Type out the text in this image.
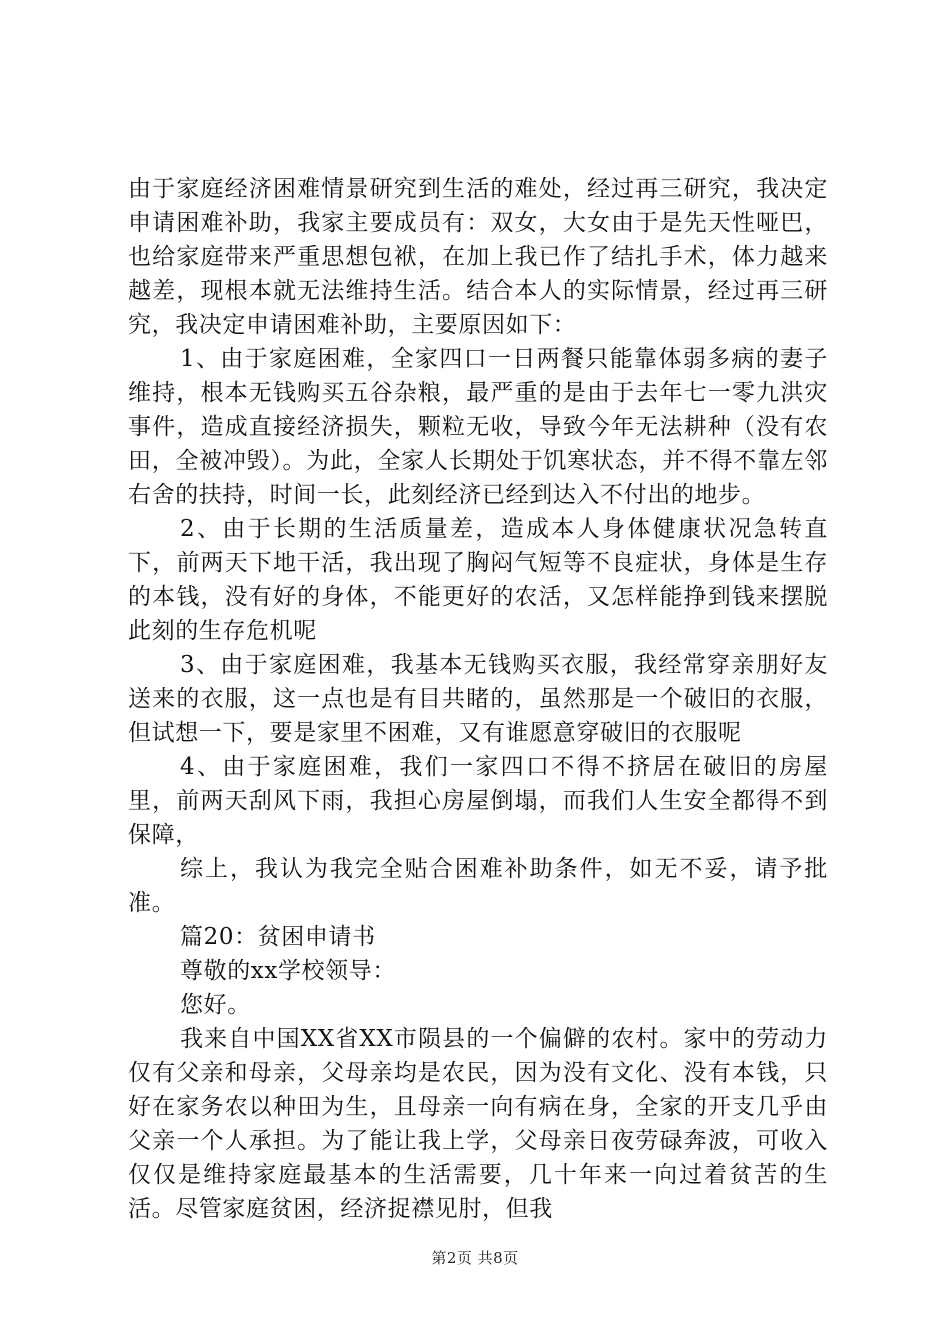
由于家庭经济困难情景研究到生活的难处，经过再三研究，我决定申请困难补助，我家主要成员有：双女，大女由于是先天性哑巴，也给家庭带来严重思想包袱，在加上我已作了结扎手术，体力越来越差，现根本就无法维持生活。结合本人的实际情景，经过再三研究，我决定申请困难补助，主要原因如下：

1、由于家庭困难，全家四口一日两餐只能靠体弱多病的妻子维持，根本无钱购买五谷杂粮，最严重的是由于去年七一零九洪灾事件，造成直接经济损失，颗粒无收，导致今年无法耕种（没有农田，全被冲毁）。为此，全家人长期处于饥寒状态，并不得不靠左邻右舍的扶持，时间一长，此刻经济已经到达入不付出的地步。

2、由于长期的生活质量差，造成本人身体健康状况急转直下，前两天下地干活，我出现了胸闷气短等不良症状，身体是生存的本钱，没有好的身体，不能更好的农活，又怎样能挣到钱来摆脱此刻的生存危机呢

3、由于家庭困难，我基本无钱购买衣服，我经常穿亲朋好友送来的衣服，这一点也是有目共睹的，虽然那是一个破旧的衣服，但试想一下，要是家里不困难，又有谁愿意穿破旧的衣服呢

4、由于家庭困难，我们一家四口不得不挤居在破旧的房屋里，前两天刮风下雨，我担心房屋倒塌，而我们人生安全都得不到保障，

综上，我认为我完全贴合困难补助条件，如无不妥，请予批准。

篇20：贫困申请书

尊敬的xx学校领导：

您好。

我来自中国XX省XX市陨县的一个偏僻的农村。家中的劳动力仅有父亲和母亲，父母亲均是农民，因为没有文化、没有本钱，只好在家务农以种田为生，且母亲一向有病在身，全家的开支几乎由父亲一个人承担。为了能让我上学，父母亲日夜劳碌奔波，可收入仅仅是维持家庭最基本的生活需要，几十年来一向过着贫苦的生活。尽管家庭贫困，经济捉襟见肘，但我

第2页 共8页
